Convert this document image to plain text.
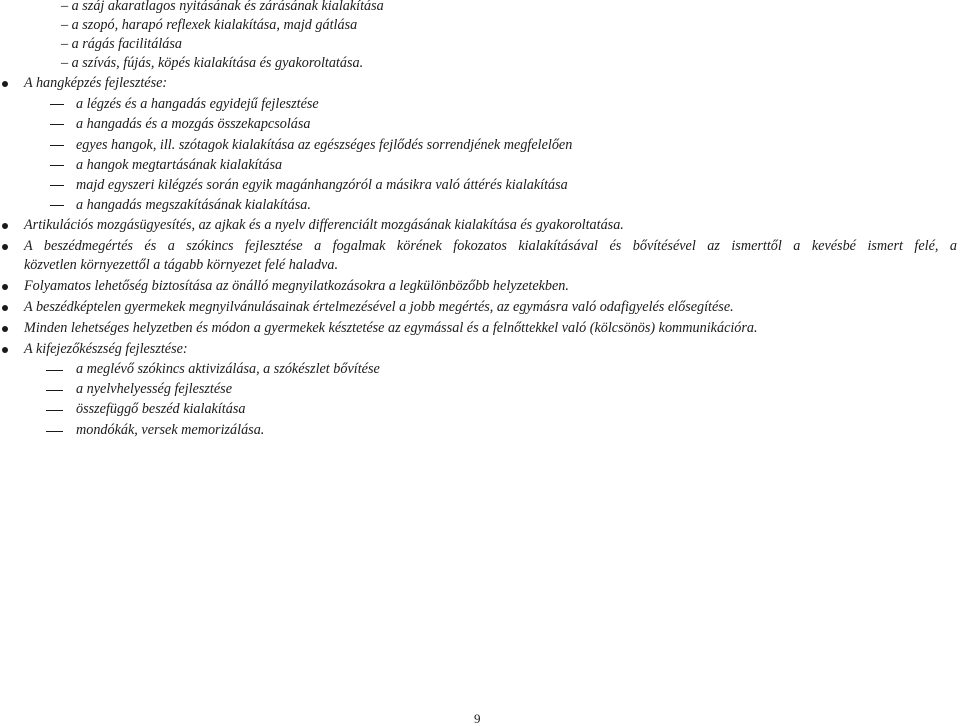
– a száj akaratlagos nyitásának és zárásának kialakítása
– a szopó, harapó reflexek kialakítása, majd gátlása
– a rágás facilitálása
– a szívás, fújás, köpés kialakítása és gyakoroltatása.
A hangképzés fejlesztése:
a légzés és a hangadás egyidejű fejlesztése
a hangadás és a mozgás összekapcsolása
egyes hangok, ill. szótagok kialakítása az egészséges fejlődés sorrendjének megfelelően
a hangok megtartásának kialakítása
majd egyszeri kilégzés során egyik magánhangzóról a másikra való áttérés kialakítása
a hangadás megszakításának kialakítása.
Artikulációs mozgásügyesítés, az ajkak és a nyelv differenciált mozgásának kialakítása és gyakoroltatása.
A beszédmegértés és a szókincs fejlesztése a fogalmak körének fokozatos kialakításával és bővítésével az ismerttől a kevésbé ismert felé, a
közvetlen környezettől a tágabb környezet felé haladva.
Folyamatos lehetőség biztosítása az önálló megnyilatkozásokra a legkülönbözőbb helyzetekben.
A beszédképtelen gyermekek megnyilvánulásainak értelmezésével a jobb megértés, az egymásra való odafigyelés elősegítése.
Minden lehetséges helyzetben és módon a gyermekek késztetése az egymással és a felnőttekkel való (kölcsönös) kommunikációra.
A kifejezőkészség fejlesztése:
a meglévő szókincs aktivizálása, a szókészlet bővítése
a nyelvhelyesség fejlesztése
összefüggő beszéd kialakítása
mondókák, versek memorizálása.
9
